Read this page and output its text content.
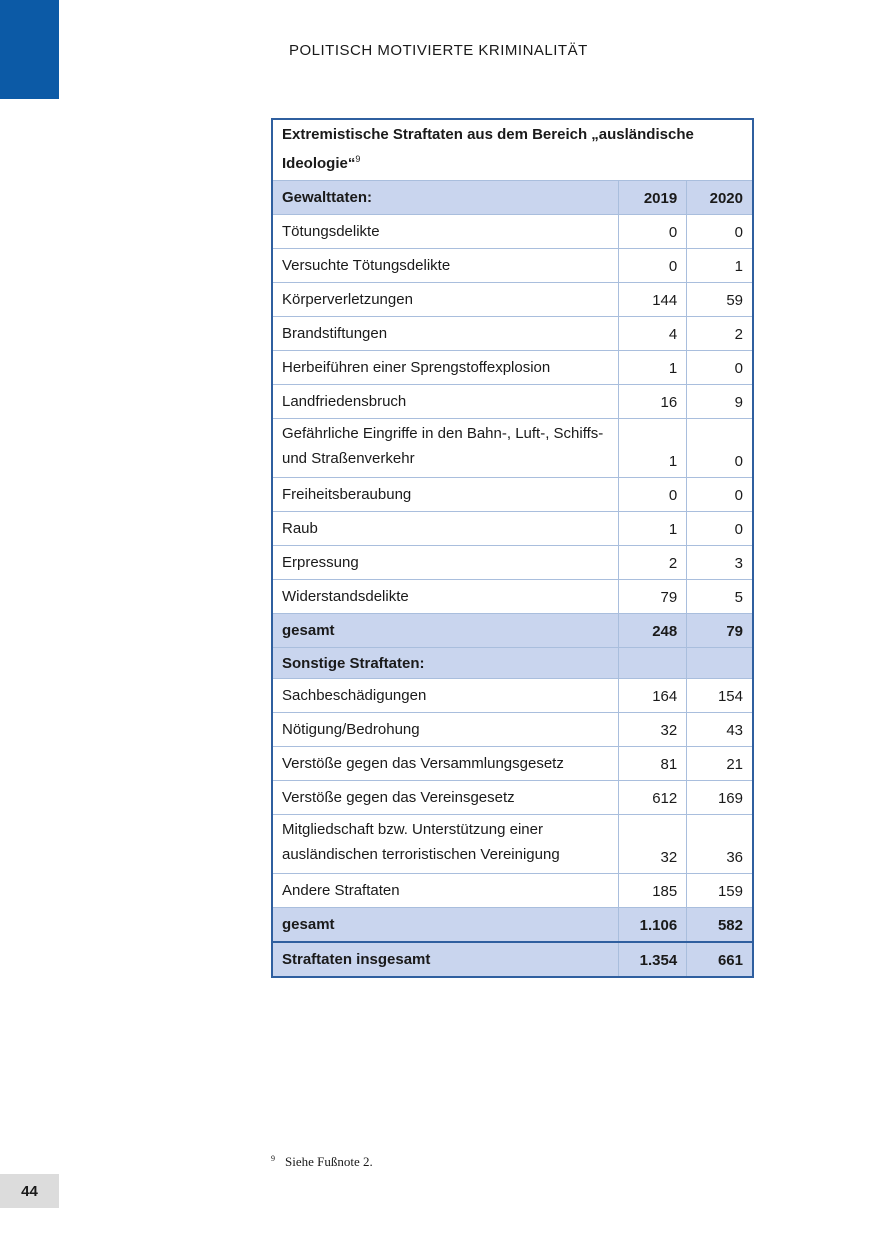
POLITISCH MOTIVIERTE KRIMINALITÄT
Extremistische Straftaten aus dem Bereich „ausländische Ideologie“$^9$
Gewalttaten:	2019	2020
Tötungsdelikte	0	0
Versuchte Tötungsdelikte	0	1
Körperverletzungen	144	59
Brandstiftungen	4	2
Herbeiführen einer Sprengstoffexplosion	1	0
Landfriedensbruch	16	9
Gefährliche Eingriffe in den Bahn-, Luft-, Schiffs- und Straßenverkehr	1	0
Freiheitsberaubung	0	0
Raub	1	0
Erpressung	2	3
Widerstandsdelikte	79	5
gesamt	248	79
Sonstige Straftaten:		
Sachbeschädigungen	164	154
Nötigung/Bedrohung	32	43
Verstöße gegen das Versammlungsgesetz	81	21
Verstöße gegen das Vereinsgesetz	612	169
Mitgliedschaft bzw. Unterstützung einer ausländischen terroristischen Vereinigung	32	36
Andere Straftaten	185	159
gesamt	1.106	582
Straftaten insgesamt	1.354	661
$^9$ Siehe Fußnote 2.
44
